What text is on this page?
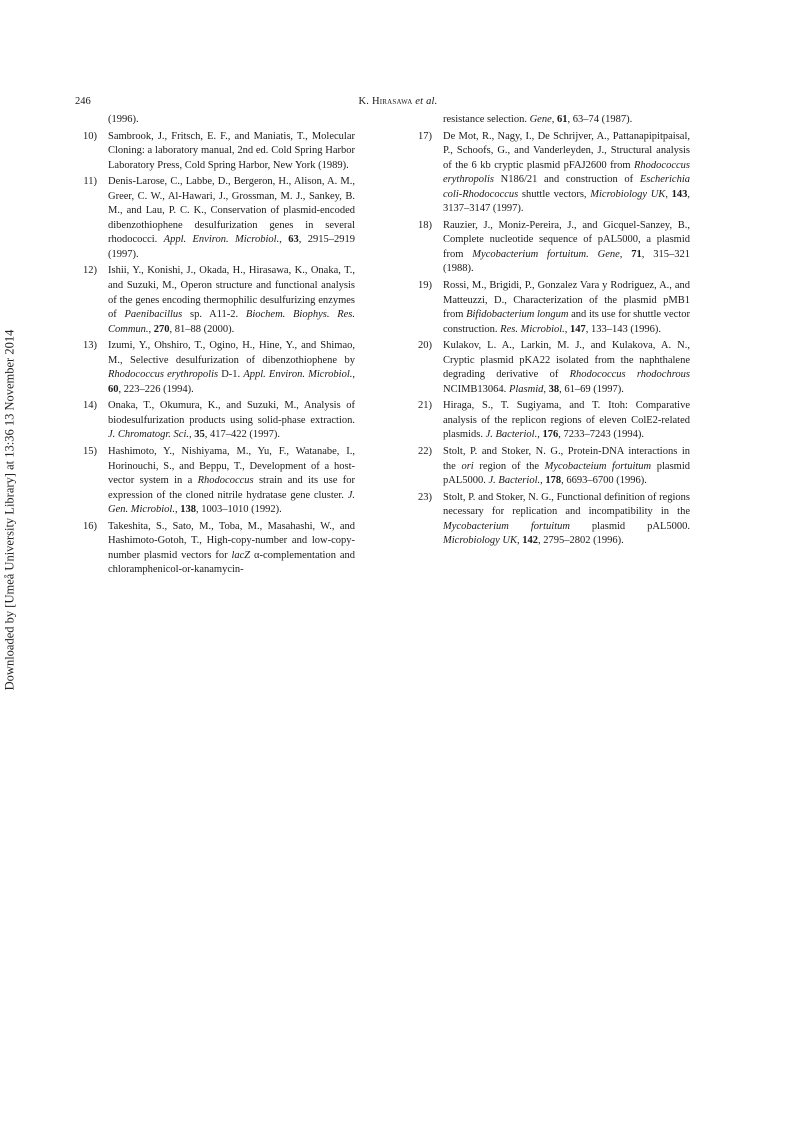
Downloaded by [Umeå University Library] at 13:36 13 November 2014
246	K. Hirasawa et al.
(1996).
10) Sambrook, J., Fritsch, E. F., and Maniatis, T., Molecular Cloning: a laboratory manual, 2nd ed. Cold Spring Harbor Laboratory Press, Cold Spring Harbor, New York (1989).
11) Denis-Larose, C., Labbe, D., Bergeron, H., Alison, A. M., Greer, C. W., Al-Hawari, J., Grossman, M. J., Sankey, B. M., and Lau, P. C. K., Conservation of plasmid-encoded dibenzothiophene desulfurization genes in several rhodococci. Appl. Environ. Microbiol., 63, 2915–2919 (1997).
12) Ishii, Y., Konishi, J., Okada, H., Hirasawa, K., Onaka, T., and Suzuki, M., Operon structure and functional analysis of the genes encoding thermophilic desulfurizing enzymes of Paenibacillus sp. A11-2. Biochem. Biophys. Res. Commun., 270, 81–88 (2000).
13) Izumi, Y., Ohshiro, T., Ogino, H., Hine, Y., and Shimao, M., Selective desulfurization of dibenzothiophene by Rhodococcus erythropolis D-1. Appl. Environ. Microbiol., 60, 223–226 (1994).
14) Onaka, T., Okumura, K., and Suzuki, M., Analysis of biodesulfurization products using solid-phase extraction. J. Chromatogr. Sci., 35, 417–422 (1997).
15) Hashimoto, Y., Nishiyama, M., Yu, F., Watanabe, I., Horinouchi, S., and Beppu, T., Development of a host-vector system in a Rhodococcus strain and its use for expression of the cloned nitrile hydratase gene cluster. J. Gen. Microbiol., 138, 1003–1010 (1992).
16) Takeshita, S., Sato, M., Toba, M., Masahashi, W., and Hashimoto-Gotoh, T., High-copy-number and low-copy-number plasmid vectors for lacZ α-complementation and chloramphenicol-or-kanamycin-
resistance selection. Gene, 61, 63–74 (1987).
17) De Mot, R., Nagy, I., De Schrijver, A., Pattanapipitpaisal, P., Schoofs, G., and Vanderleyden, J., Structural analysis of the 6 kb cryptic plasmid pFAJ2600 from Rhodococcus erythropolis N186/21 and construction of Escherichia coli-Rhodococcus shuttle vectors, Microbiology UK, 143, 3137–3147 (1997).
18) Rauzier, J., Moniz-Pereira, J., and Gicquel-Sanzey, B., Complete nucleotide sequence of pAL5000, a plasmid from Mycobacterium fortuitum. Gene, 71, 315–321 (1988).
19) Rossi, M., Brigidi, P., Gonzalez Vara y Rodriguez, A., and Matteuzzi, D., Characterization of the plasmid pMB1 from Bifidobacterium longum and its use for shuttle vector construction. Res. Microbiol., 147, 133–143 (1996).
20) Kulakov, L. A., Larkin, M. J., and Kulakova, A. N., Cryptic plasmid pKA22 isolated from the naphthalene degrading derivative of Rhodococcus rhodochrous NCIMB13064. Plasmid, 38, 61–69 (1997).
21) Hiraga, S., T. Sugiyama, and T. Itoh: Comparative analysis of the replicon regions of eleven ColE2-related plasmids. J. Bacteriol., 176, 7233–7243 (1994).
22) Stolt, P. and Stoker, N. G., Protein-DNA interactions in the ori region of the Mycobacteium fortuitum plasmid pAL5000. J. Bacteriol., 178, 6693–6700 (1996).
23) Stolt, P. and Stoker, N. G., Functional definition of regions necessary for replication and incompatibility in the Mycobacterium fortuitum plasmid pAL5000. Microbiology UK, 142, 2795–2802 (1996).
